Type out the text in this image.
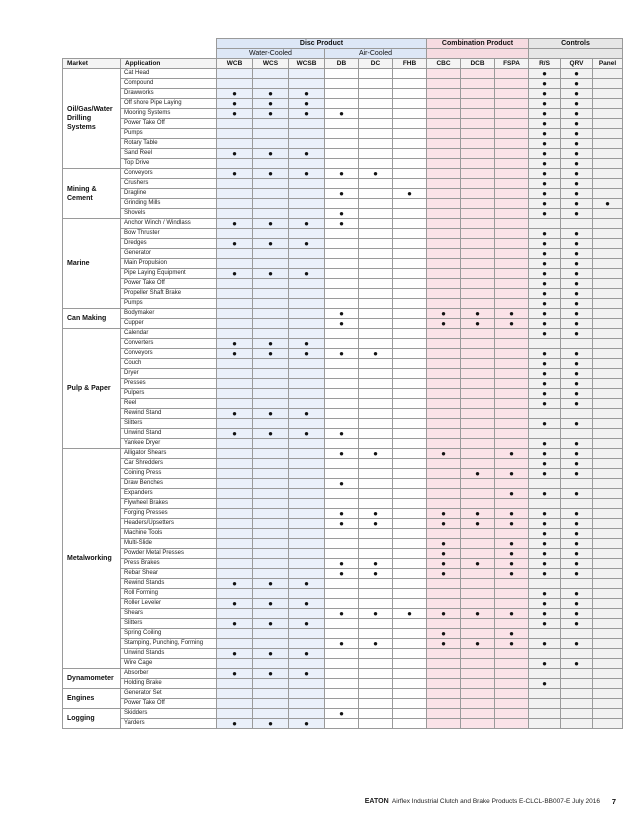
		Disc Product						Combination Product			Controls		
		Water-Cooled			Air-Cooled								
Market	Application	WCB	WCS	WCSB	DB	DC	FHB	CBC	DCB	FSPA	R/S	QRV	Panel
Oil/Gas/Water Drilling Systems	Cat Head										●	●	
	Compound										●	●	
	Drawworks	●	●	●							●	●	
	Off shore Pipe Laying	●	●	●							●	●	
	Mooring Systems	●	●	●	●						●	●	
	Power Take Off										●	●	
	Pumps										●	●	
	Rotary Table										●	●	
	Sand Reel	●	●	●							●	●	
	Top Drive										●	●	
Mining & Cement	Conveyors	●	●	●	●	●					●	●	
	Crushers										●	●	
	Dragline				●		●				●	●	
	Grinding Mills										●	●	●
	Shovels				●						●	●	
Marine	Anchor Winch / Windlass	●	●	●	●								
	Bow Thruster										●	●	
	Dredges	●	●	●							●	●	
	Generator										●	●	
	Main Propulsion										●	●	
	Pipe Laying Equipment	●	●	●							●	●	
	Power Take Off										●	●	
	Propeller Shaft Brake										●	●	
	Pumps										●	●	
Can Making	Bodymaker				●			●	●	●	●	●	
	Cupper				●			●	●	●	●	●	
Pulp & Paper	Calendar										●	●	
	Converters	●	●	●									
	Conveyors	●	●	●	●	●					●	●	
	Couch										●	●	
	Dryer										●	●	
	Presses										●	●	
	Pulpers										●	●	
	Reel										●	●	
	Rewind Stand	●	●	●									
	Slitters										●	●	
	Unwind Stand	●	●	●	●								
	Yankee Dryer										●	●	
Metalworking	Alligator Shears				●	●		●		●	●	●	
	Car Shredders										●	●	
	Coining Press								●	●	●	●	
	Draw Benches				●								
	Expanders									●	●	●	
	Flywheel Brakes												
	Forging Presses				●	●		●	●	●	●	●	
	Headers/Upsetters				●	●		●	●	●	●	●	
	Machine Tools										●	●	
	Multi-Slide							●		●	●	●	
	Powder Metal Presses							●		●	●	●	
	Press Brakes				●	●		●	●	●	●	●	
	Rebar Shear				●	●		●		●	●	●	
	Rewind Stands	●	●	●									
	Roll Forming										●	●	
	Roller Leveler	●	●	●							●	●	
	Shears				●	●	●	●	●	●	●	●	
	Slitters	●	●	●							●	●	
	Spring Coiling							●		●			
	Stamping, Punching, Forming				●	●		●	●	●	●	●	
	Unwind Stands	●	●	●									
	Wire Cage										●	●	
Dynamometer	Absorber	●	●	●									
	Holding Brake										●		
Engines	Generator Set												
	Power Take Off												
Logging	Skidders				●								
	Yarders	●	●	●									
EATON Airflex Industrial Clutch and Brake Products E-CLCL-BB007-E July 2016 7
